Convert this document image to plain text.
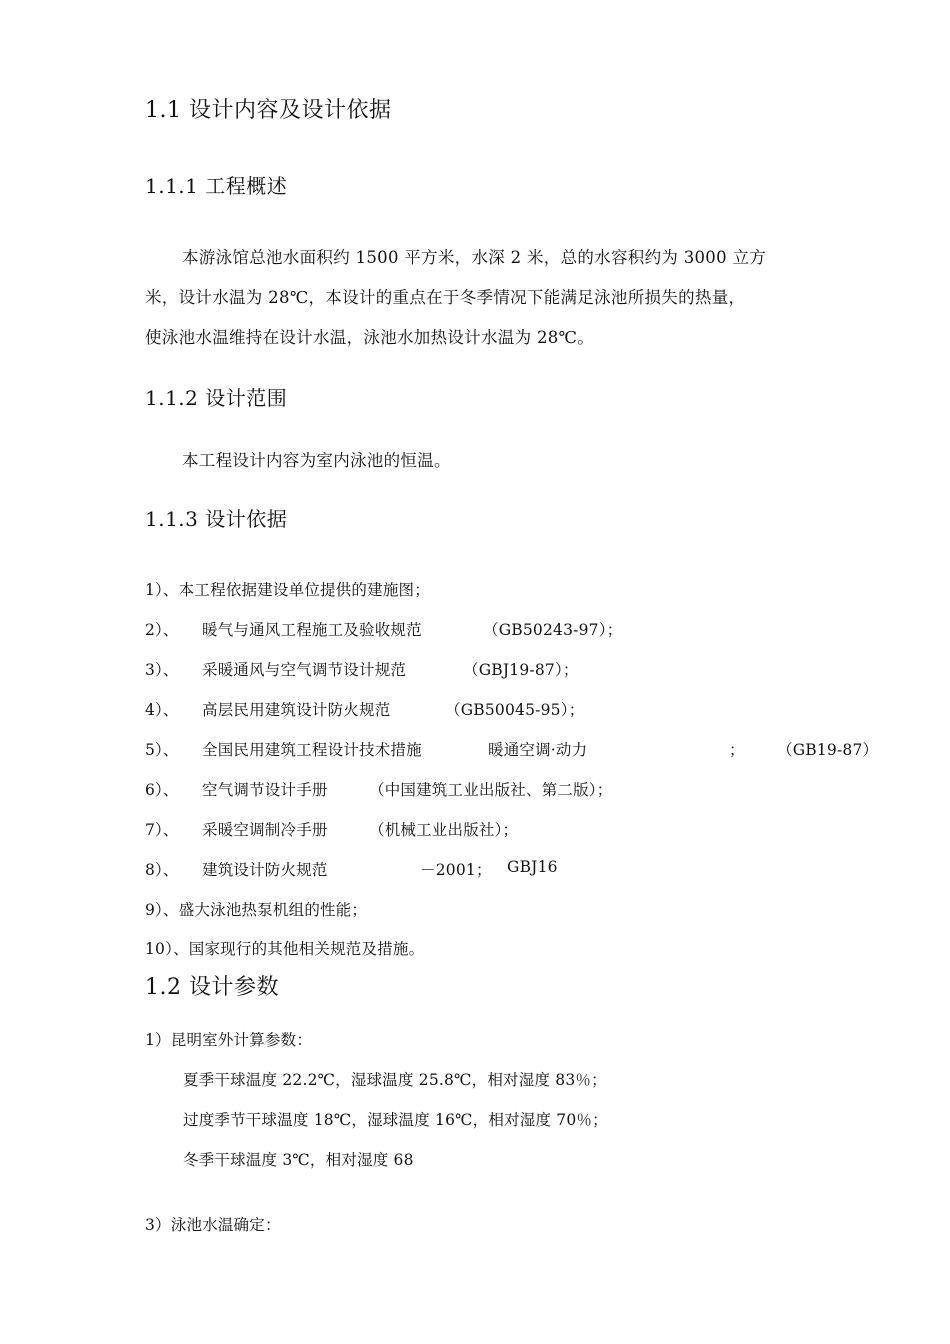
1.1 设计内容及设计依据
1.1.1 工程概述
本游泳馆总池水面积约 1500 平方米，水深 2 米，总的水容积约为 3000 立方
米，设计水温为 28℃，本设计的重点在于冬季情况下能满足泳池所损失的热量，
使泳池水温维持在设计水温，泳池水加热设计水温为 28℃。
1.1.2 设计范围
本工程设计内容为室内泳池的恒温。
1.1.3 设计依据
1）、本工程依据建设单位提供的建施图；
2）、 暖气与通风工程施工及验收规范	（GB50243-97）；
3）、 采暖通风与空气调节设计规范	（GBJ19-87）；
4）、 高层民用建筑设计防火规范	（GB50045-95）；
5）、 全国民用建筑工程设计技术措施	暖通空调·动力	； （GB19-87）
6）、 空气调节设计手册	（中国建筑工业出版社、第二版）；
7）、 采暖空调制冷手册	（机械工业出版社）；
8）、 建筑设计防火规范	－2001； GBJ16
9）、盛大泳池热泵机组的性能；
10）、国家现行的其他相关规范及措施。
1.2 设计参数
1）昆明室外计算参数：
夏季干球温度 22.2℃，湿球温度 25.8℃，相对湿度 83％；
过度季节干球温度 18℃，湿球温度 16℃，相对湿度 70％；
冬季干球温度 3℃，相对湿度 68
3）泳池水温确定：
